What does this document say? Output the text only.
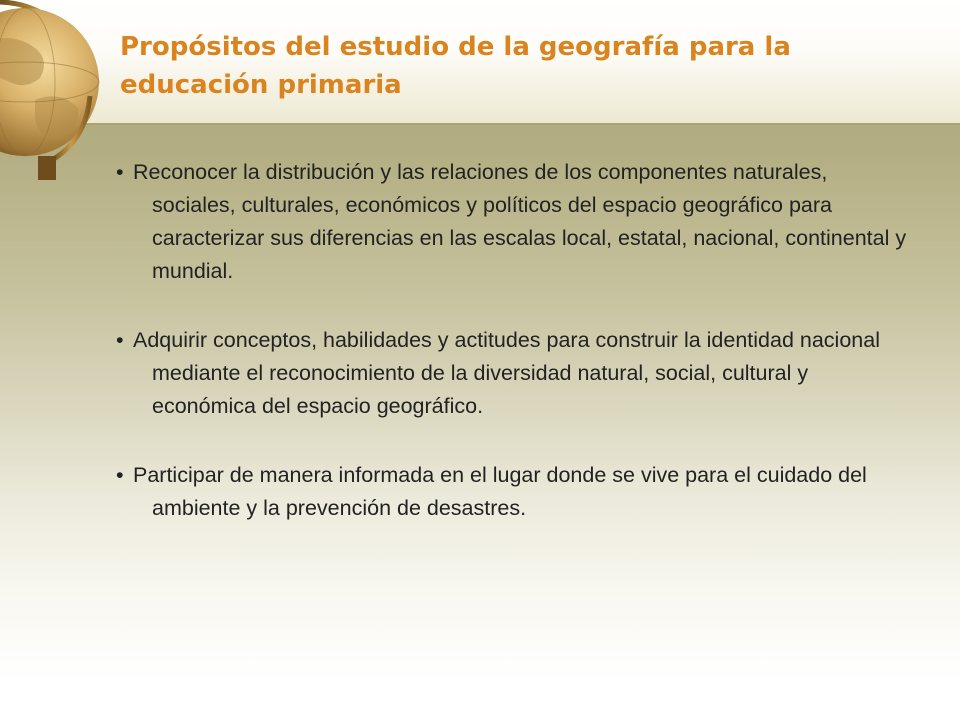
Propósitos del estudio de la geografía para la educación primaria

• Reconocer la distribución y las relaciones de los componentes naturales, sociales, culturales, económicos y políticos del espacio geográfico para caracterizar sus diferencias en las escalas local, estatal, nacional, continental y mundial.

• Adquirir conceptos, habilidades y actitudes para construir la identidad nacional mediante el reconocimiento de la diversidad natural, social, cultural y económica del espacio geográfico.

• Participar de manera informada en el lugar donde se vive para el cuidado del ambiente y la prevención de desastres.
